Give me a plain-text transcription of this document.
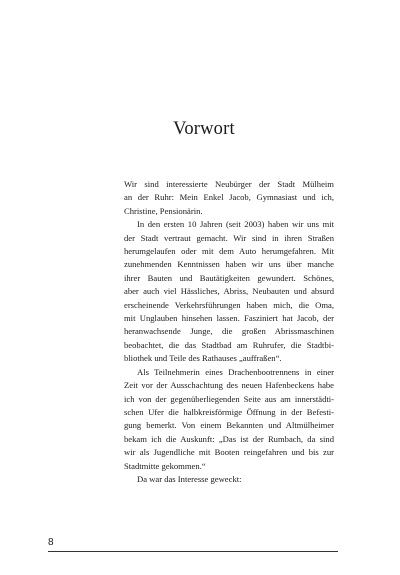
Vorwort

Wir sind interessierte Neubürger der Stadt Mülheim
an der Ruhr: Mein Enkel Jacob, Gymnasiast und ich,
Christine, Pensionärin.

In den ersten 10 Jahren (seit 2003) haben wir uns mit
der Stadt vertraut gemacht. Wir sind in ihren Straßen
herumgelaufen oder mit dem Auto herumgefahren. Mit
zunehmenden Kenntnissen haben wir uns über manche
ihrer Bauten und Bautätigkeiten gewundert. Schönes,
aber auch viel Hässliches, Abriss, Neubauten und absurd
erscheinende Verkehrsführungen haben mich, die Oma,
mit Unglauben hinsehen lassen. Fasziniert hat Jacob, der
heranwachsende Junge, die großen Abrissmaschinen
beobachtet, die das Stadtbad am Ruhrufer, die Stadtbi-
bliothek und Teile des Rathauses „auffraßen“.

Als Teilnehmerin eines Drachenbootrennens in einer
Zeit vor der Ausschachtung des neuen Hafenbeckens habe
ich von der gegenüberliegenden Seite aus am innerstädti-
schen Ufer die halbkreisförmige Öffnung in der Befesti-
gung bemerkt. Von einem Bekannten und Altmülheimer
bekam ich die Auskunft: „Das ist der Rumbach, da sind
wir als Jugendliche mit Booten reingefahren und bis zur
Stadtmitte gekommen.“

Da war das Interesse geweckt:

8
